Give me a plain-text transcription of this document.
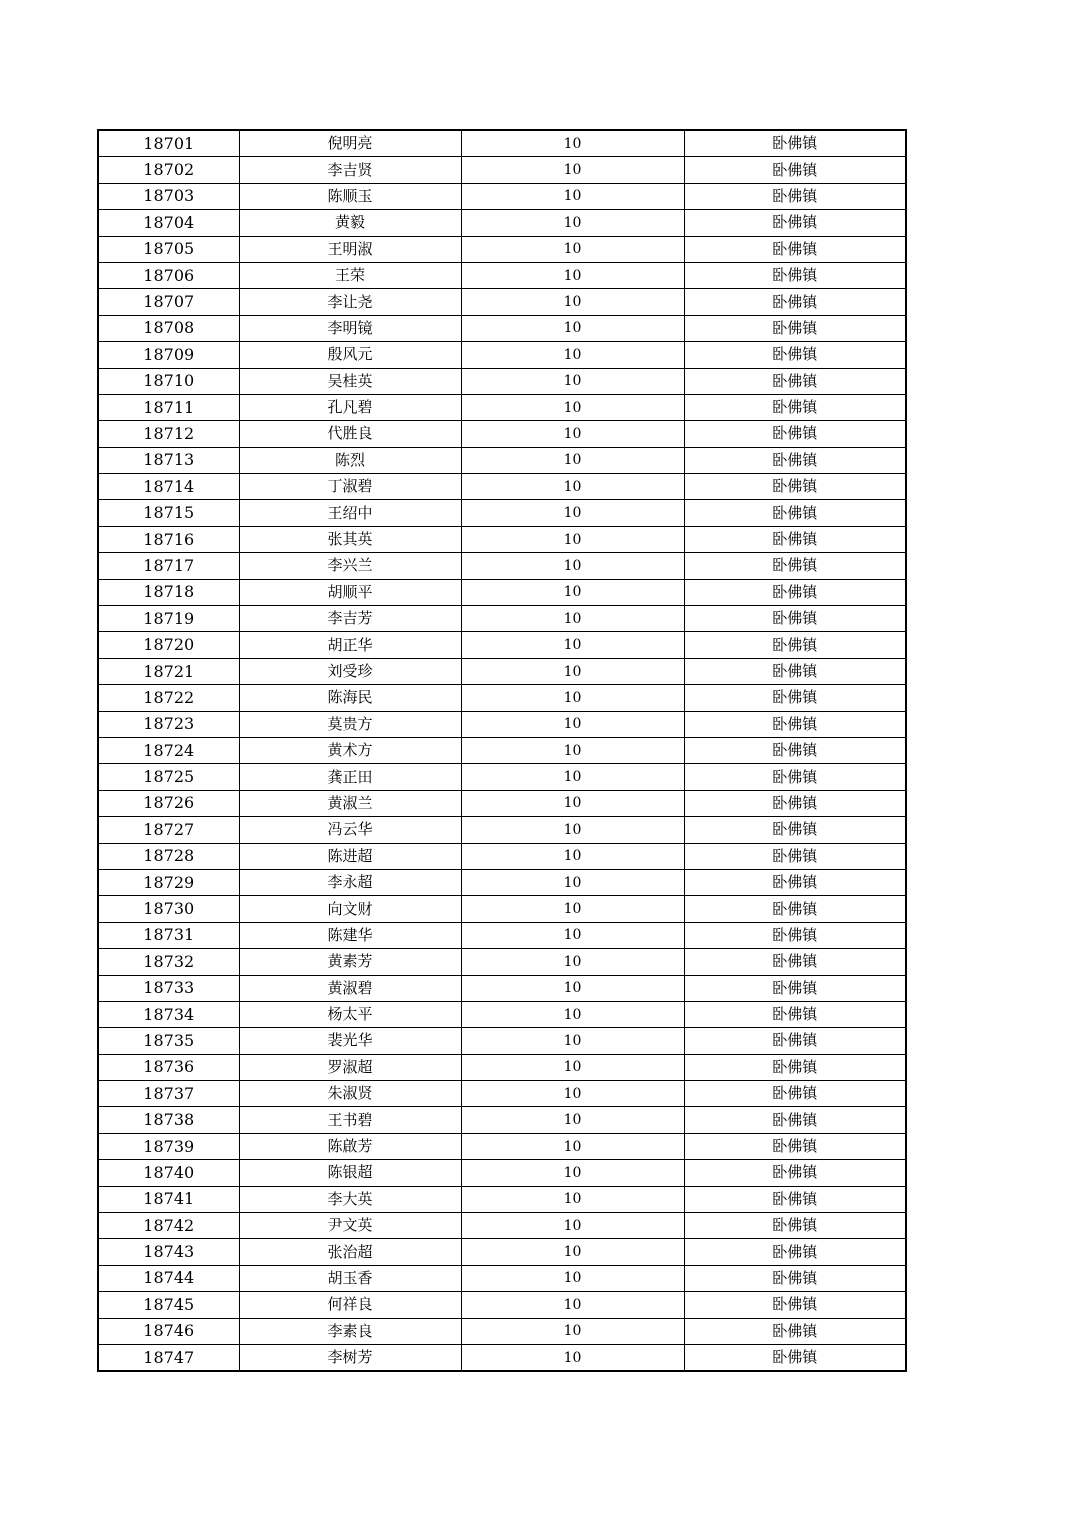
18701	倪明亮	10	卧佛镇
18702	李吉贤	10	卧佛镇
18703	陈顺玉	10	卧佛镇
18704	黄毅	10	卧佛镇
18705	王明淑	10	卧佛镇
18706	王荣	10	卧佛镇
18707	李让尧	10	卧佛镇
18708	李明镜	10	卧佛镇
18709	殷风元	10	卧佛镇
18710	吴桂英	10	卧佛镇
18711	孔凡碧	10	卧佛镇
18712	代胜良	10	卧佛镇
18713	陈烈	10	卧佛镇
18714	丁淑碧	10	卧佛镇
18715	王绍中	10	卧佛镇
18716	张其英	10	卧佛镇
18717	李兴兰	10	卧佛镇
18718	胡顺平	10	卧佛镇
18719	李吉芳	10	卧佛镇
18720	胡正华	10	卧佛镇
18721	刘受珍	10	卧佛镇
18722	陈海民	10	卧佛镇
18723	莫贵方	10	卧佛镇
18724	黄术方	10	卧佛镇
18725	龚正田	10	卧佛镇
18726	黄淑兰	10	卧佛镇
18727	冯云华	10	卧佛镇
18728	陈进超	10	卧佛镇
18729	李永超	10	卧佛镇
18730	向文财	10	卧佛镇
18731	陈建华	10	卧佛镇
18732	黄素芳	10	卧佛镇
18733	黄淑碧	10	卧佛镇
18734	杨太平	10	卧佛镇
18735	裴光华	10	卧佛镇
18736	罗淑超	10	卧佛镇
18737	朱淑贤	10	卧佛镇
18738	王书碧	10	卧佛镇
18739	陈啟芳	10	卧佛镇
18740	陈银超	10	卧佛镇
18741	李大英	10	卧佛镇
18742	尹文英	10	卧佛镇
18743	张治超	10	卧佛镇
18744	胡玉香	10	卧佛镇
18745	何祥良	10	卧佛镇
18746	李素良	10	卧佛镇
18747	李树芳	10	卧佛镇
